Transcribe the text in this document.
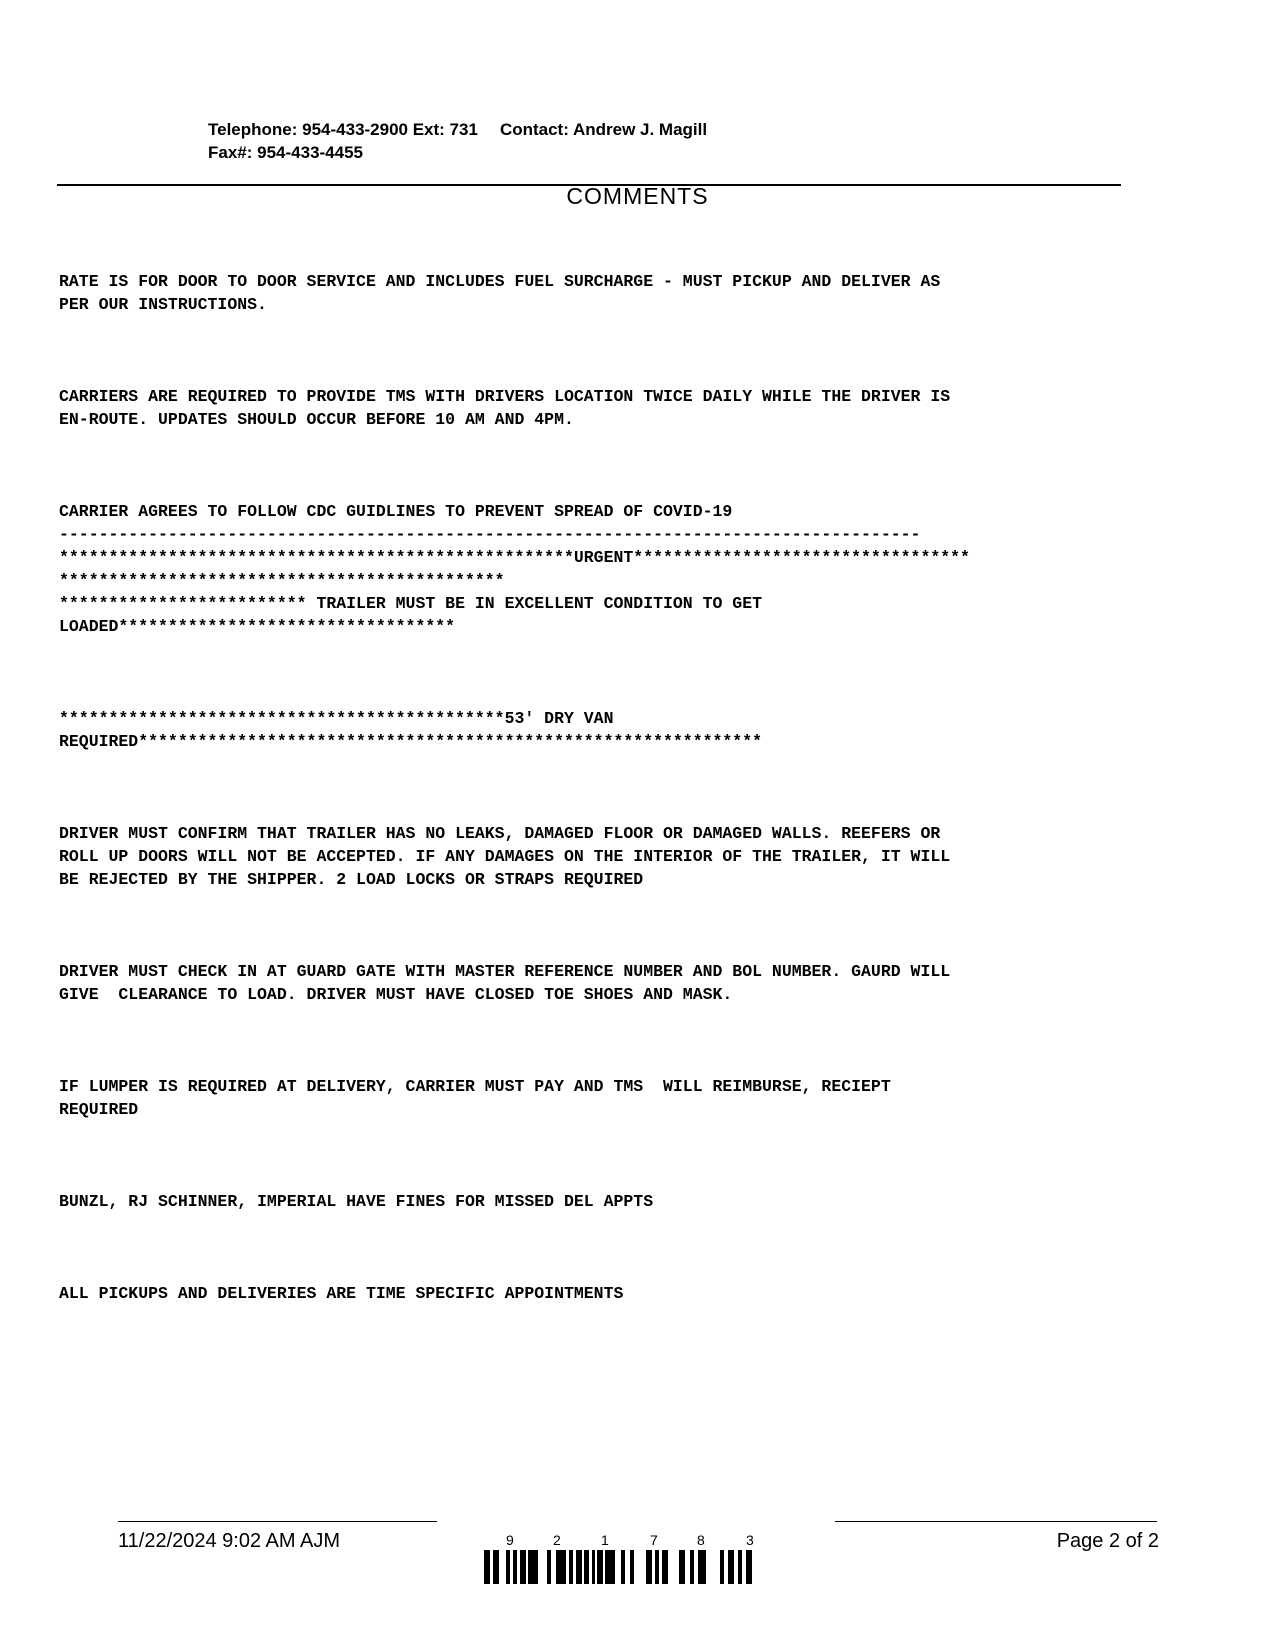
Telephone: 954-433-2900 Ext: 731 Contact: Andrew J. Magill
Fax#: 954-433-4455
COMMENTS

RATE IS FOR DOOR TO DOOR SERVICE AND INCLUDES FUEL SURCHARGE - MUST PICKUP AND DELIVER AS
PER OUR INSTRUCTIONS.

CARRIERS ARE REQUIRED TO PROVIDE TMS WITH DRIVERS LOCATION TWICE DAILY WHILE THE DRIVER IS
EN-ROUTE. UPDATES SHOULD OCCUR BEFORE 10 AM AND 4PM.

CARRIER AGREES TO FOLLOW CDC GUIDLINES TO PREVENT SPREAD OF COVID-19
---------------------------------------------------------------------------------------
****************************************************URGENT**********************************
*********************************************
************************* TRAILER MUST BE IN EXCELLENT CONDITION TO GET
LOADED**********************************

*********************************************53' DRY VAN
REQUIRED***************************************************************

DRIVER MUST CONFIRM THAT TRAILER HAS NO LEAKS, DAMAGED FLOOR OR DAMAGED WALLS. REEFERS OR
ROLL UP DOORS WILL NOT BE ACCEPTED. IF ANY DAMAGES ON THE INTERIOR OF THE TRAILER, IT WILL
BE REJECTED BY THE SHIPPER. 2 LOAD LOCKS OR STRAPS REQUIRED

DRIVER MUST CHECK IN AT GUARD GATE WITH MASTER REFERENCE NUMBER AND BOL NUMBER. GAURD WILL
GIVE  CLEARANCE TO LOAD. DRIVER MUST HAVE CLOSED TOE SHOES AND MASK.

IF LUMPER IS REQUIRED AT DELIVERY, CARRIER MUST PAY AND TMS  WILL REIMBURSE, RECIEPT
REQUIRED

BUNZL, RJ SCHINNER, IMPERIAL HAVE FINES FOR MISSED DEL APPTS

ALL PICKUPS AND DELIVERIES ARE TIME SPECIFIC APPOINTMENTS

11/22/2024 9:02 AM AJM	Page 2 of 2
9	2	1	7	8	3
